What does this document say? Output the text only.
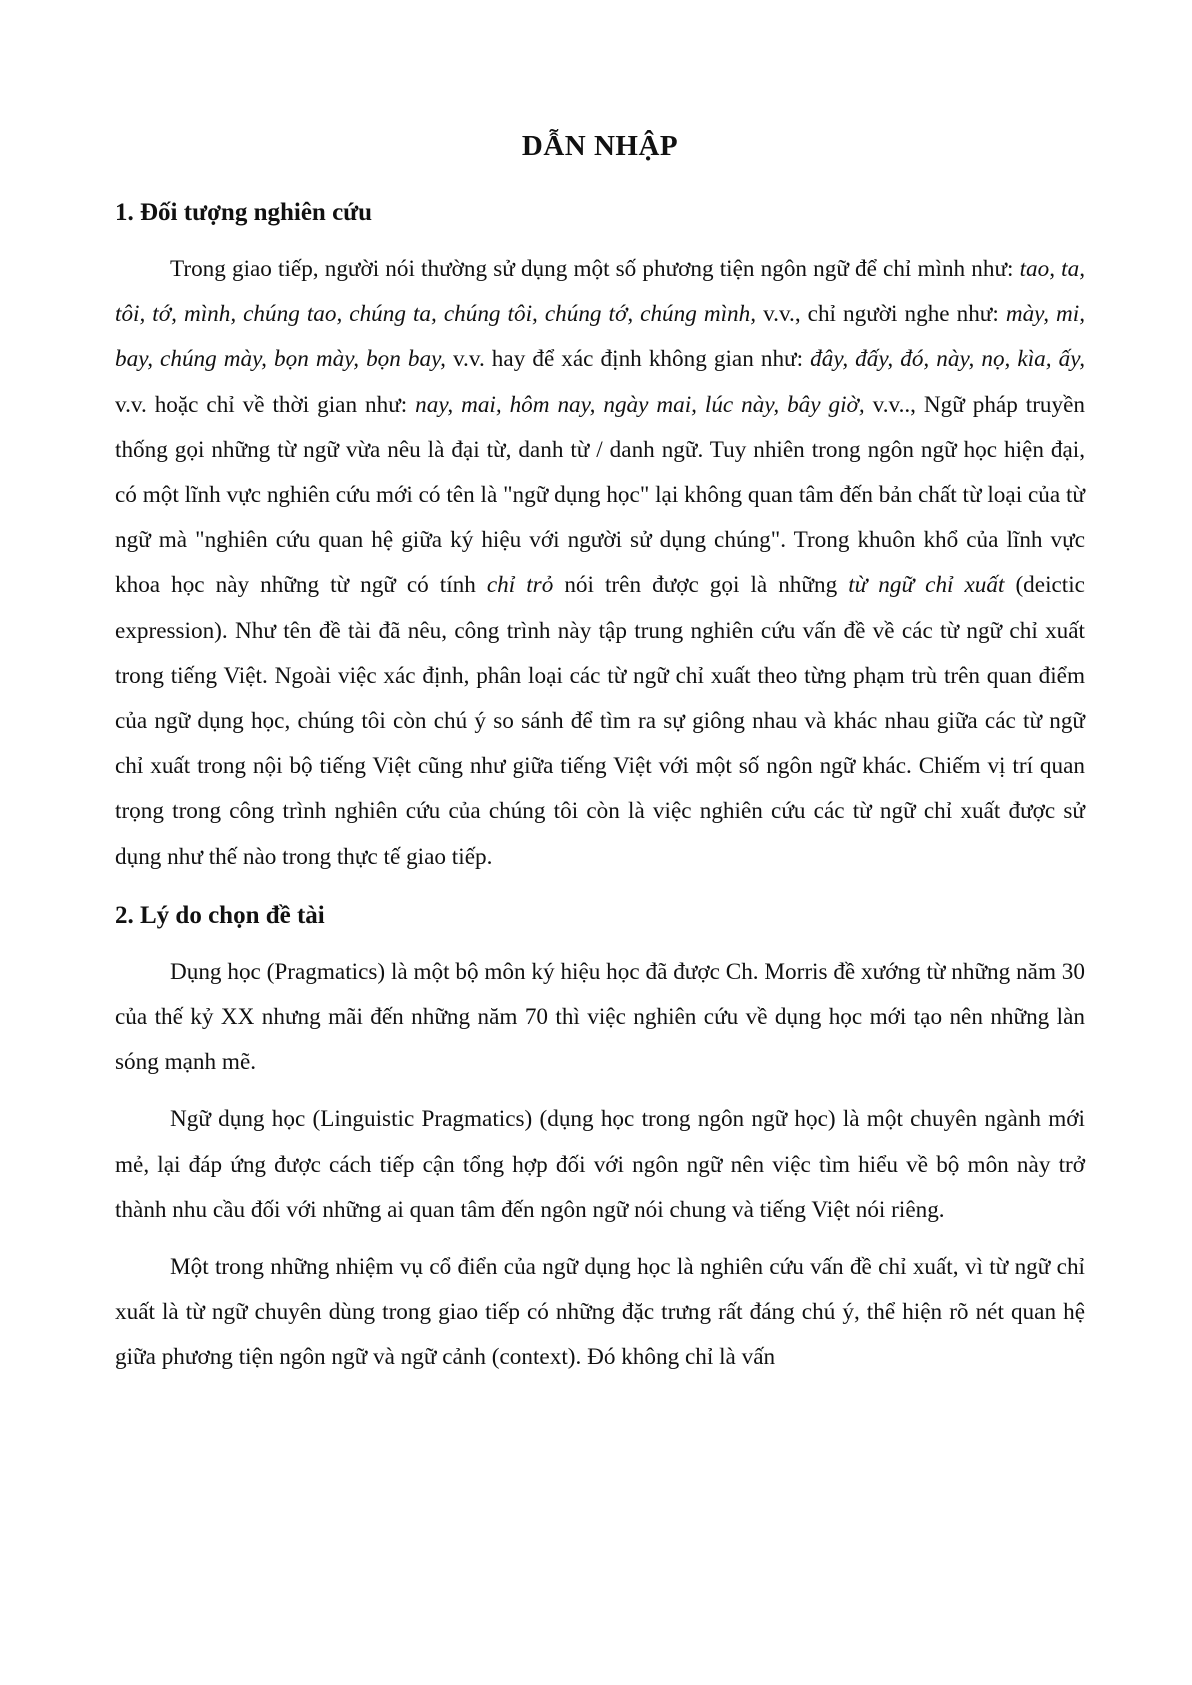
DẪN NHẬP
1. Đối tượng nghiên cứu

Trong giao tiếp, người nói thường sử dụng một số phương tiện ngôn ngữ để chỉ mình như: tao, ta, tôi, tớ, mình, chúng tao, chúng ta, chúng tôi, chúng tớ, chúng mình, v.v., chỉ người nghe như: mày, mi, bay, chúng mày, bọn mày, bọn bay, v.v. hay để xác định không gian như: đây, đấy, đó, này, nọ, kìa, ấy, v.v. hoặc chỉ về thời gian như: nay, mai, hôm nay, ngày mai, lúc này, bây giờ, v.v.., Ngữ pháp truyền thống gọi những từ ngữ vừa nêu là đại từ, danh từ / danh ngữ. Tuy nhiên trong ngôn ngữ học hiện đại, có một lĩnh vực nghiên cứu mới có tên là "ngữ dụng học" lại không quan tâm đến bản chất từ loại của từ ngữ mà "nghiên cứu quan hệ giữa ký hiệu với người sử dụng chúng". Trong khuôn khổ của lĩnh vực khoa học này những từ ngữ có tính chỉ trỏ nói trên được gọi là những từ ngữ chỉ xuất (deictic expression). Như tên đề tài đã nêu, công trình này tập trung nghiên cứu vấn đề về các từ ngữ chỉ xuất trong tiếng Việt. Ngoài việc xác định, phân loại các từ ngữ chỉ xuất theo từng phạm trù trên quan điểm của ngữ dụng học, chúng tôi còn chú ý so sánh để tìm ra sự giông nhau và khác nhau giữa các từ ngữ chỉ xuất trong nội bộ tiếng Việt cũng như giữa tiếng Việt với một số ngôn ngữ khác. Chiếm vị trí quan trọng trong công trình nghiên cứu của chúng tôi còn là việc nghiên cứu các từ ngữ chỉ xuất được sử dụng như thế nào trong thực tế giao tiếp.

2. Lý do chọn đề tài

Dụng học (Pragmatics) là một bộ môn ký hiệu học đã được Ch. Morris đề xướng từ những năm 30 của thế kỷ XX nhưng mãi đến những năm 70 thì việc nghiên cứu về dụng học mới tạo nên những làn sóng mạnh mẽ.

Ngữ dụng học (Linguistic Pragmatics) (dụng học trong ngôn ngữ học) là một chuyên ngành mới mẻ, lại đáp ứng được cách tiếp cận tổng hợp đối với ngôn ngữ nên việc tìm hiểu về bộ môn này trở thành nhu cầu đối với những ai quan tâm đến ngôn ngữ nói chung và tiếng Việt nói riêng.

Một trong những nhiệm vụ cổ điển của ngữ dụng học là nghiên cứu vấn đề chỉ xuất, vì từ ngữ chỉ xuất là từ ngữ chuyên dùng trong giao tiếp có những đặc trưng rất đáng chú ý, thể hiện rõ nét quan hệ giữa phương tiện ngôn ngữ và ngữ cảnh (context). Đó không chỉ là vấn
